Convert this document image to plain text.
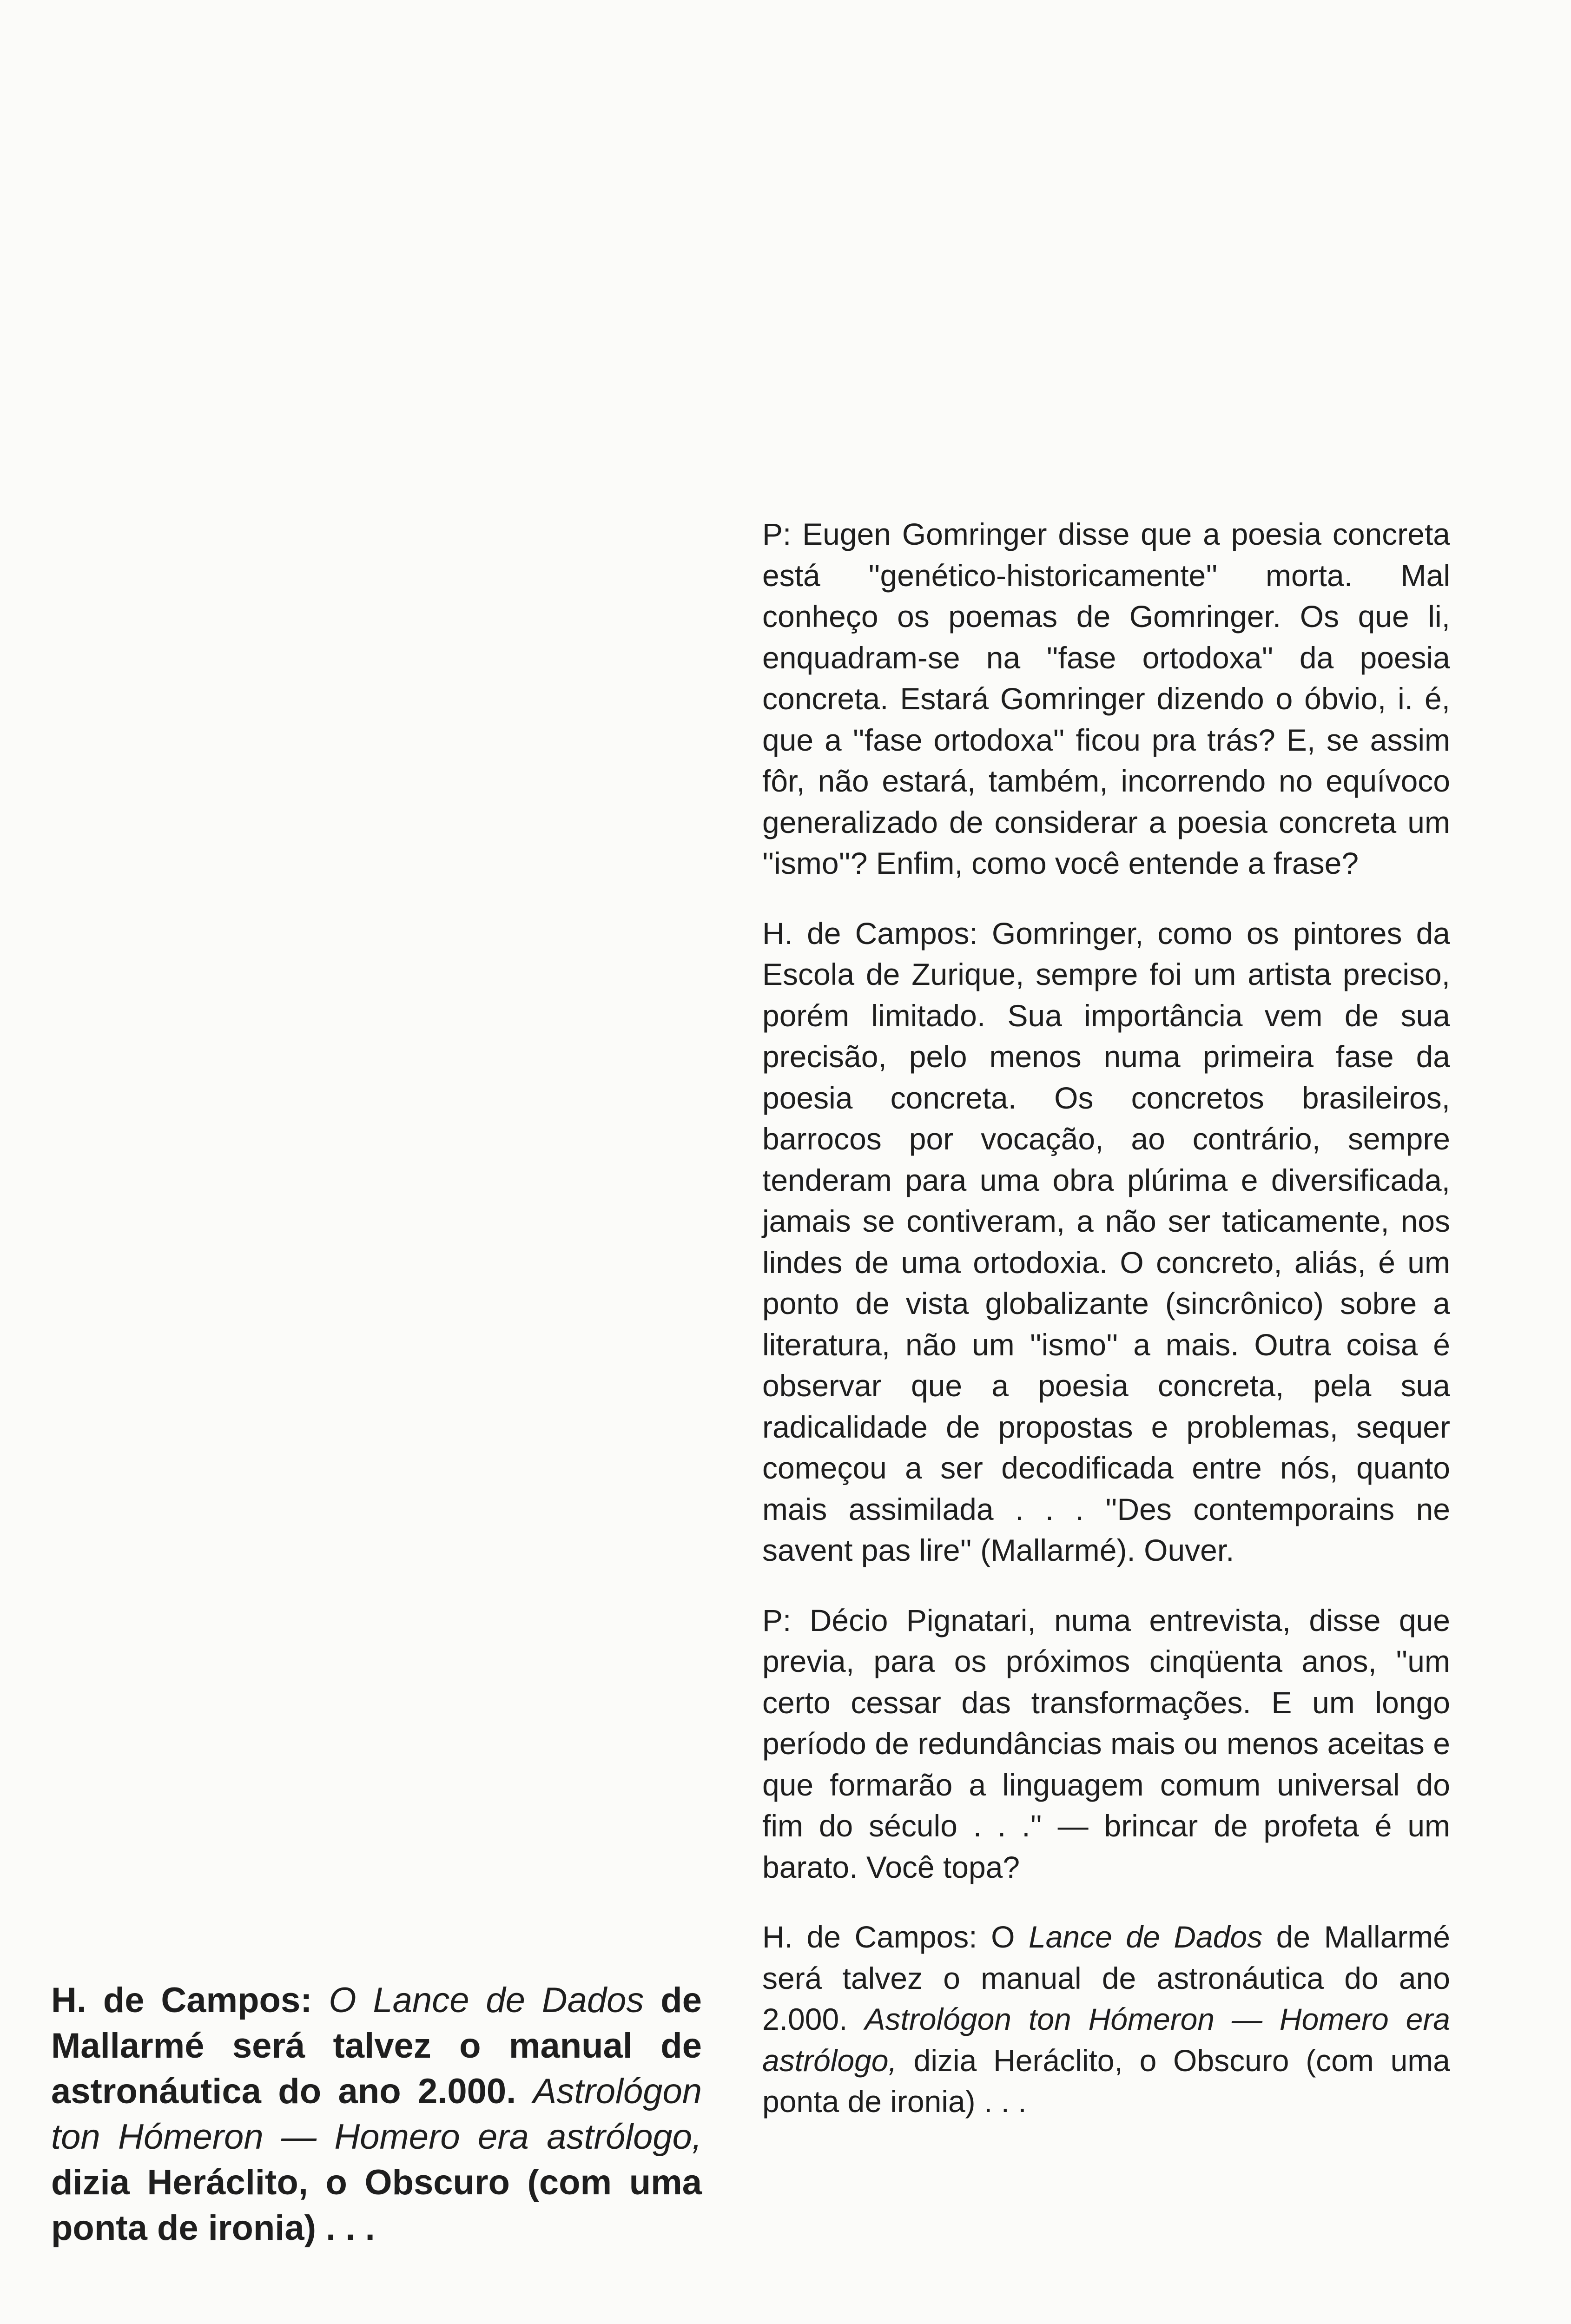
H. de Campos: O Lance de Dados de Mallarmé será talvez o manual de astronáutica do ano 2.000. Astrológon ton Hómeron — Homero era astrólogo, dizia Heráclito, o Obscuro (com uma ponta de ironia) . . .

P: Eugen Gomringer disse que a poesia concreta está ''genético-historicamente'' morta. Mal conheço os poemas de Gomringer. Os que li, enquadram-se na ''fase ortodoxa'' da poesia concreta. Estará Gomringer dizendo o óbvio, i. é, que a ''fase ortodoxa'' ficou pra trás? E, se assim fôr, não estará, também, incorrendo no equívoco generalizado de considerar a poesia concreta um ''ismo''? Enfim, como você entende a frase?

H. de Campos: Gomringer, como os pintores da Escola de Zurique, sempre foi um artista preciso, porém limitado. Sua importância vem de sua precisão, pelo menos numa primeira fase da poesia concreta. Os concretos brasileiros, barrocos por vocação, ao contrário, sempre tenderam para uma obra plúrima e diversificada, jamais se contiveram, a não ser taticamente, nos lindes de uma ortodoxia. O concreto, aliás, é um ponto de vista globalizante (sincrônico) sobre a literatura, não um ''ismo'' a mais. Outra coisa é observar que a poesia concreta, pela sua radicalidade de propostas e problemas, sequer começou a ser decodificada entre nós, quanto mais assimilada . . . ''Des contemporains ne savent pas lire'' (Mallarmé). Ouver.

P: Décio Pignatari, numa entrevista, disse que previa, para os próximos cinqüenta anos, ''um certo cessar das transformações. E um longo período de redundâncias mais ou menos aceitas e que formarão a linguagem comum universal do fim do século . . .'' — brincar de profeta é um barato. Você topa?

H. de Campos: O Lance de Dados de Mallarmé será talvez o manual de astronáutica do ano 2.000. Astrológon ton Hómeron — Homero era astrólogo, dizia Heráclito, o Obscuro (com uma ponta de ironia) . . .
